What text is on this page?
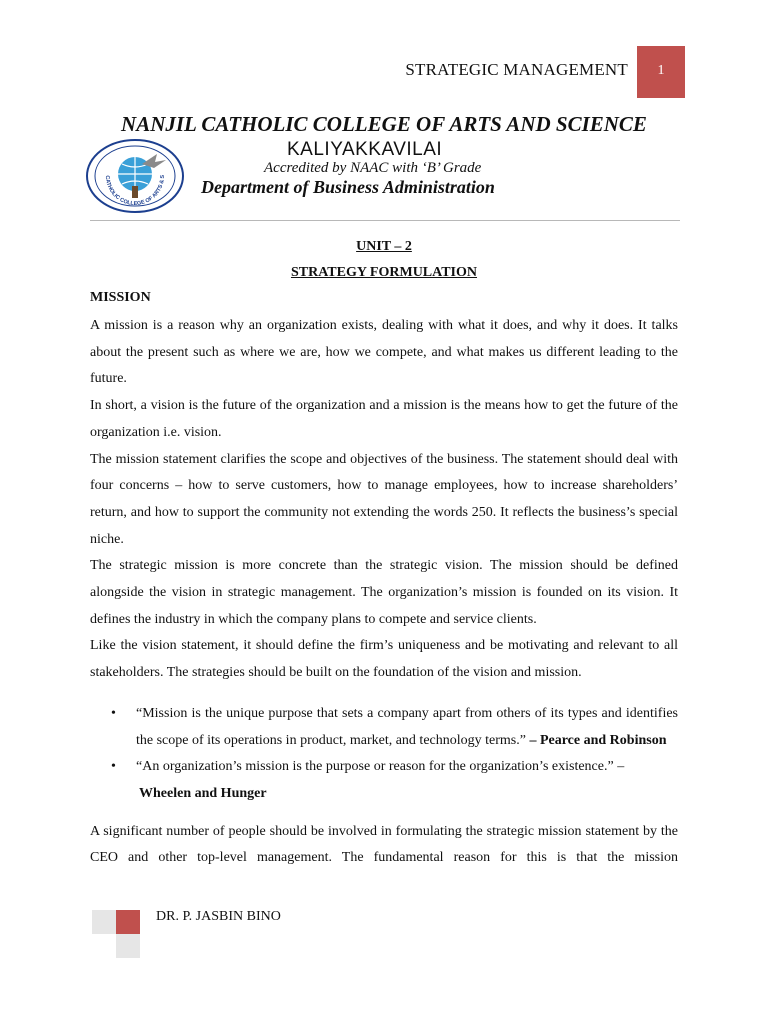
STRATEGIC MANAGEMENT	1
NANJIL CATHOLIC COLLEGE OF ARTS AND SCIENCE
CATHOLIC COLLEGE OF ARTS & S
KALIYAKKAVILAI
Accredited by NAAC with ‘B’ Grade
Department of Business Administration
UNIT – 2
STRATEGY FORMULATION
MISSION

A mission is a reason why an organization exists, dealing with what it does, and why it does. It talks about the present such as where we are, how we compete, and what makes us different leading to the future.

In short, a vision is the future of the organization and a mission is the means how to get the future of the organization i.e. vision.

The mission statement clarifies the scope and objectives of the business. The statement should deal with four concerns – how to serve customers, how to manage employees, how to increase shareholders’ return, and how to support the community not extending the words 250. It reflects the business’s special niche.

The strategic mission is more concrete than the strategic vision. The mission should be defined alongside the vision in strategic management. The organization’s mission is founded on its vision. It defines the industry in which the company plans to compete and service clients.

Like the vision statement, it should define the firm’s uniqueness and be motivating and relevant to all stakeholders. The strategies should be built on the foundation of the vision and mission.

• “Mission is the unique purpose that sets a company apart from others of its types and identifies the scope of its operations in product, market, and technology terms.” – Pearce and Robinson
• “An organization’s mission is the purpose or reason for the organization’s existence.” –
Wheelen and Hunger

A significant number of people should be involved in formulating the strategic mission statement by the CEO and other top-level management. The fundamental reason for this is that the mission

DR. P. JASBIN BINO
